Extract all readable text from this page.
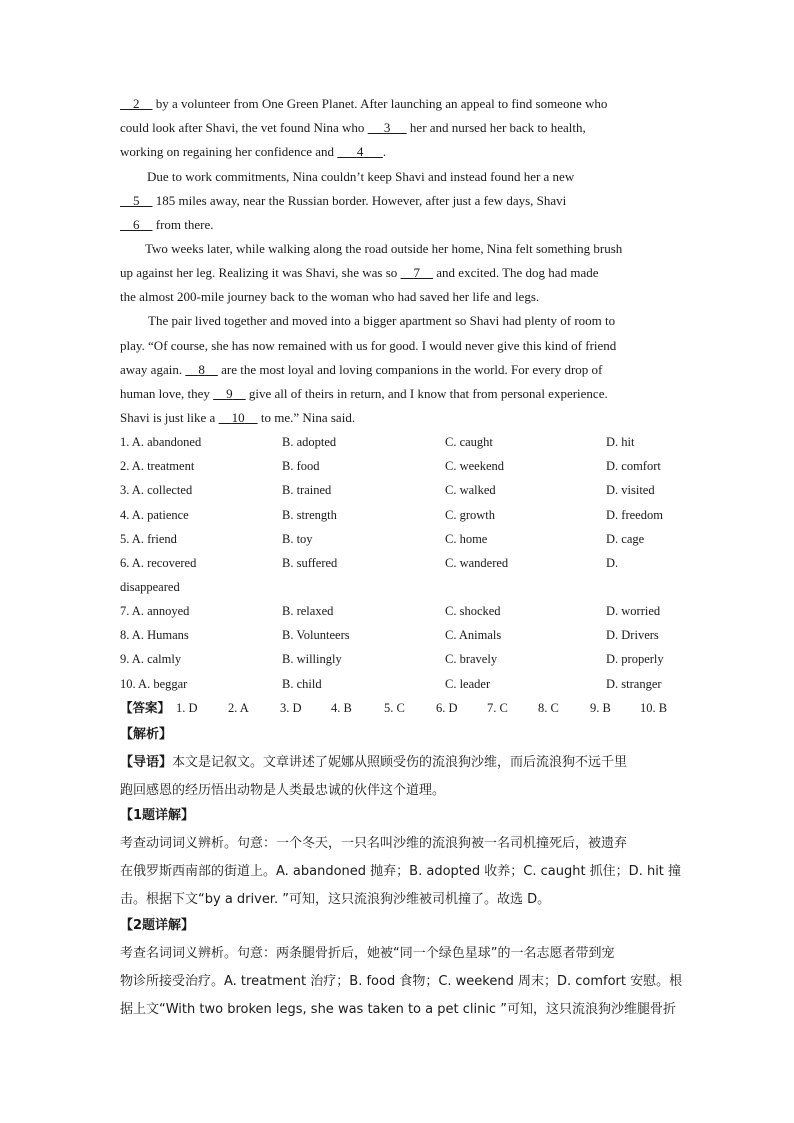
2     by a volunteer from One Green Planet. After launching an appeal to find someone who
could look after Shavi, the vet found Nina who      3      her and nursed her back to health,
working on regaining her confidence and       4 .
Due to work commitments, Nina couldn’t keep Shavi and instead found her a new
5     185 miles away, near the Russian border. However, after just a few days, Shavi
6     from there.
Two weeks later, while walking along the road outside her home, Nina felt something brush
up against her leg. Realizing it was Shavi, she was so     7     and excited. The dog had made
the almost 200-mile journey back to the woman who had saved her life and legs.
The pair lived together and moved into a bigger apartment so Shavi had plenty of room to
play. “Of course, she has now remained with us for good. I would never give this kind of friend
away again.     8     are the most loyal and loving companions in the world. For every drop of
human love, they     9     give all of theirs in return, and I know that from personal experience.
Shavi is just like a     10     to me.” Nina said.
1. A. abandoned	B. adopted	C. caught	D. hit
2. A. treatment	B. food	C. weekend	D. comfort
3. A. collected	B. trained	C. walked	D. visited
4. A. patience	B. strength	C. growth	D. freedom
5. A. friend	B. toy	C. home	D. cage
6. A. recovered	B. suffered	C. wandered	D.
disappeared
7. A. annoyed	B. relaxed	C. shocked	D. worried
8. A. Humans	B. Volunteers	C. Animals	D. Drivers
9. A. calmly	B. willingly	C. bravely	D. properly
10. A. beggar	B. child	C. leader	D. stranger
【答案】 1. D 2. A 3. D 4. B	5. C 6. D 7. C 8. C 9. B 10. B
【解析】
【导语】本文是记叙文。文章讲述了妮娜从照顾受伤的流浪狗沙维，而后流浪狗不远千里
跑回感恩的经历悟出动物是人类最忠诚的伙伴这个道理。
【1题详解】
考查动词词义辨析。句意：一个冬天，一只名叫沙维的流浪狗被一名司机撞死后，被遗弃
在俄罗斯西南部的街道上。A. abandoned 抛弃；B. adopted 收养；C. caught 抓住；D. hit 撞
击。根据下文“by a driver. ”可知，这只流浪狗沙维被司机撞了。故选 D。
【2题详解】
考查名词词义辨析。句意：两条腿骨折后，她被“同一个绿色星球”的一名志愿者带到宠
物诊所接受治疗。A. treatment 治疗；B. food 食物；C. weekend 周末；D. comfort 安慰。根
据上文“With two broken legs, she was taken to a pet clinic ”可知，这只流浪狗沙维腿骨折
